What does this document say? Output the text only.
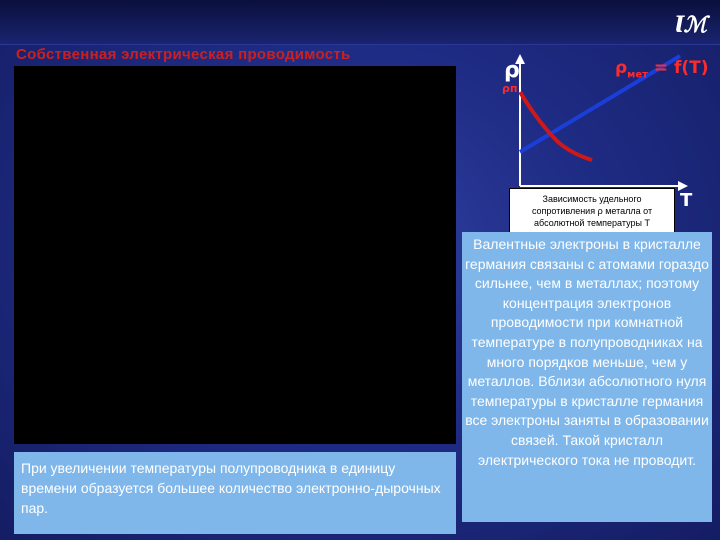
Ɩℳ
Собственная электрическая проводимость
При увеличении температуры полупроводника в единицу времени образуется большее количество электронно-дырочных пар.
ρ
ρп
$\rho_{мет} = f(T)$
T
Зависимость удельного сопротивления ρ металла от абсолютной температуры T
Валентные электроны в кристалле германия связаны с атомами гораздо сильнее, чем в металлах; поэтому концентрация электронов проводимости при комнатной температуре в полупроводниках на много порядков меньше, чем у металлов. Вблизи абсолютного нуля температуры в кристалле германия все электроны заняты в образовании связей. Такой кристалл электрического тока не проводит.
